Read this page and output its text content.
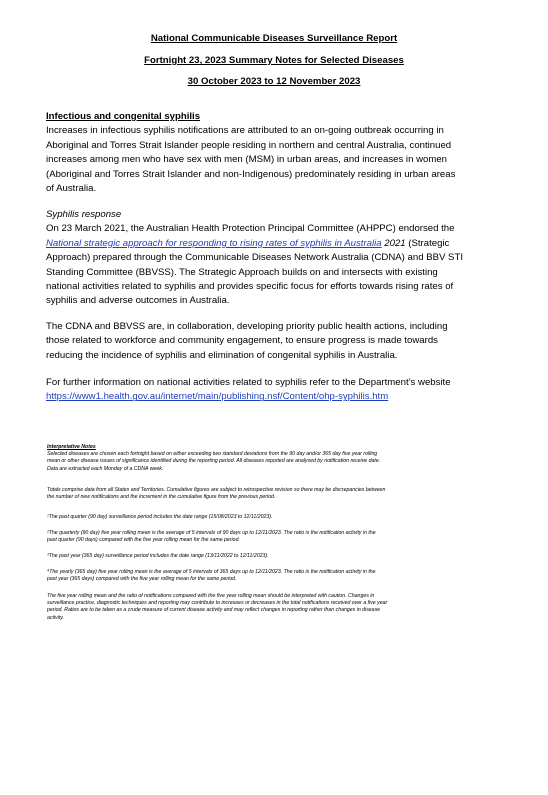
National Communicable Diseases Surveillance Report
Fortnight 23, 2023 Summary Notes for Selected Diseases
30 October 2023 to 12 November 2023
Infectious and congenital syphilis
Increases in infectious syphilis notifications are attributed to an on-going outbreak occurring in
Aboriginal and Torres Strait Islander people residing in northern and central Australia, continued
increases among men who have sex with men (MSM) in urban areas, and increases in women
(Aboriginal and Torres Strait Islander and non-Indigenous) predominately residing in urban areas
of Australia.
Syphilis response
On 23 March 2021, the Australian Health Protection Principal Committee (AHPPC) endorsed the
National strategic approach for responding to rising rates of syphilis in Australia 2021 (Strategic
Approach) prepared through the Communicable Diseases Network Australia (CDNA) and BBV STI
Standing Committee (BBVSS). The Strategic Approach builds on and intersects with existing
national activities related to syphilis and provides specific focus for efforts towards rising rates of
syphilis and adverse outcomes in Australia.
The CDNA and BBVSS are, in collaboration, developing priority public health actions, including
those related to workforce and community engagement, to ensure progress is made towards
reducing the incidence of syphilis and elimination of congenital syphilis in Australia.
For further information on national activities related to syphilis refer to the Department’s website
https://www1.health.gov.au/internet/main/publishing.nsf/Content/ohp-syphilis.htm
Interpretative Notes
Selected diseases are chosen each fortnight based on either exceeding two standard deviations from the 90 day and/or 365 day five year rolling
mean or other disease issues of significance identified during the reporting period. All diseases reported are analysed by notification receive date.
Data are extracted each Monday of a CDNA week.
Totals comprise data from all States and Territories. Cumulative figures are subject to retrospective revision so there may be discrepancies between
the number of new notifications and the increment in the cumulative figure from the previous period.
¹The past quarter (90 day) surveillance period includes the date range (15/08/2023 to 12/11/2023).
²The quarterly (90 day) five year rolling mean is the average of 5 intervals of 90 days up to 12/11/2023. The ratio is the notification activity in the
past quarter (90 days) compared with the five year rolling mean for the same period.
³The past year (365 day) surveillance period includes the date range (13/11/2022 to 12/11/2023).
⁴The yearly (365 day) five year rolling mean is the average of 5 intervals of 365 days up to 12/11/2023. The ratio is the notification activity in the
past year (365 days) compared with the five year rolling mean for the same period.
The five year rolling mean and the ratio of notifications compared with the five year rolling mean should be interpreted with caution. Changes in
surveillance practice, diagnostic techniques and reporting may contribute to increases or decreases in the total notifications received over a five year
period. Ratios are to be taken as a crude measure of current disease activity and may reflect changes in reporting rather than changes in disease
activity.
